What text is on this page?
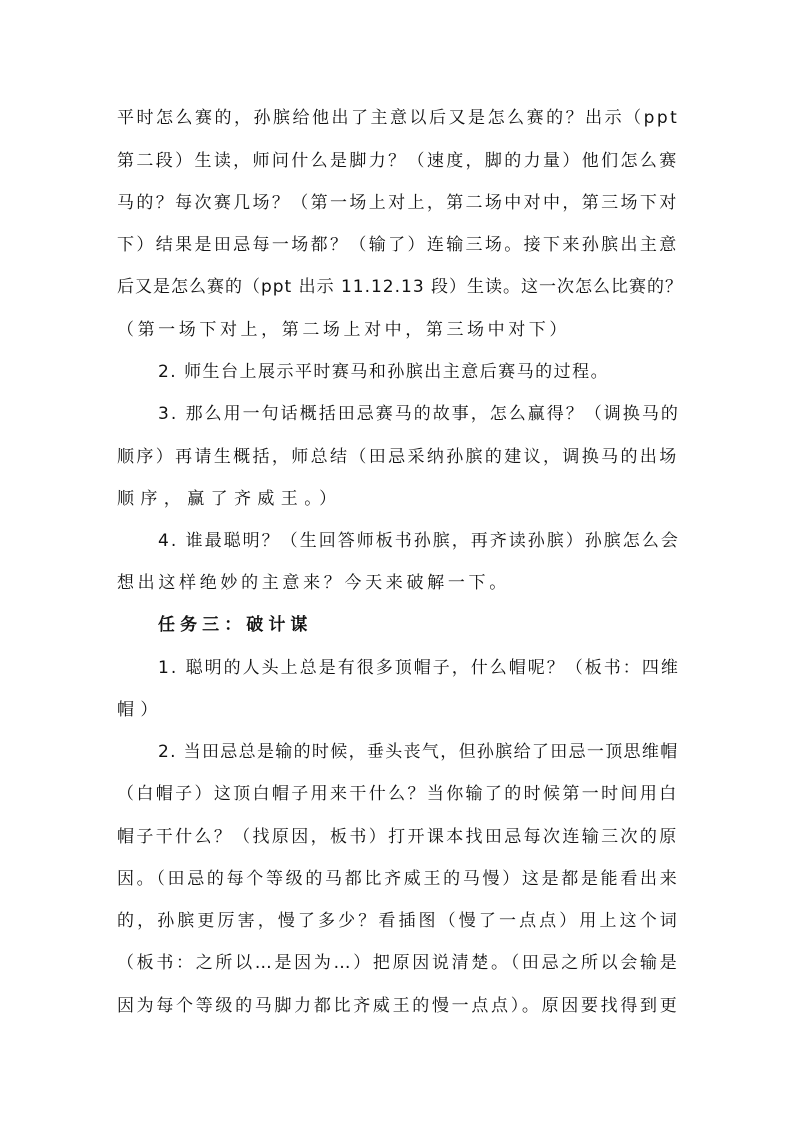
平时怎么赛的，孙膑给他出了主意以后又是怎么赛的？出示（ppt
第二段）生读，师问什么是脚力？（速度，脚的力量）他们怎么赛
马的？每次赛几场？（第一场上对上，第二场中对中，第三场下对
下）结果是田忌每一场都？（输了）连输三场。接下来孙膑出主意
后又是怎么赛的（ppt 出示 11.12.13 段）生读。这一次怎么比赛的？
（第一场下对上，第二场上对中，第三场中对下）
2. 师生台上展示平时赛马和孙膑出主意后赛马的过程。
3. 那么用一句话概括田忌赛马的故事，怎么赢得？（调换马的
顺序）再请生概括，师总结（田忌采纳孙膑的建议，调换马的出场
顺序，赢了齐威王。）
4. 谁最聪明？（生回答师板书孙膑，再齐读孙膑）孙膑怎么会
想出这样绝妙的主意来？今天来破解一下。
任务三：破计谋
1. 聪明的人头上总是有很多顶帽子，什么帽呢？（板书：四维
帽）
2. 当田忌总是输的时候，垂头丧气，但孙膑给了田忌一顶思维帽
（白帽子）这顶白帽子用来干什么？当你输了的时候第一时间用白
帽子干什么？（找原因，板书）打开课本找田忌每次连输三次的原
因。（田忌的每个等级的马都比齐威王的马慢）这是都是能看出来
的，孙膑更厉害，慢了多少？看插图（慢了一点点）用上这个词
（板书：之所以…是因为…）把原因说清楚。（田忌之所以会输是
因为每个等级的马脚力都比齐威王的慢一点点）。原因要找得到更
